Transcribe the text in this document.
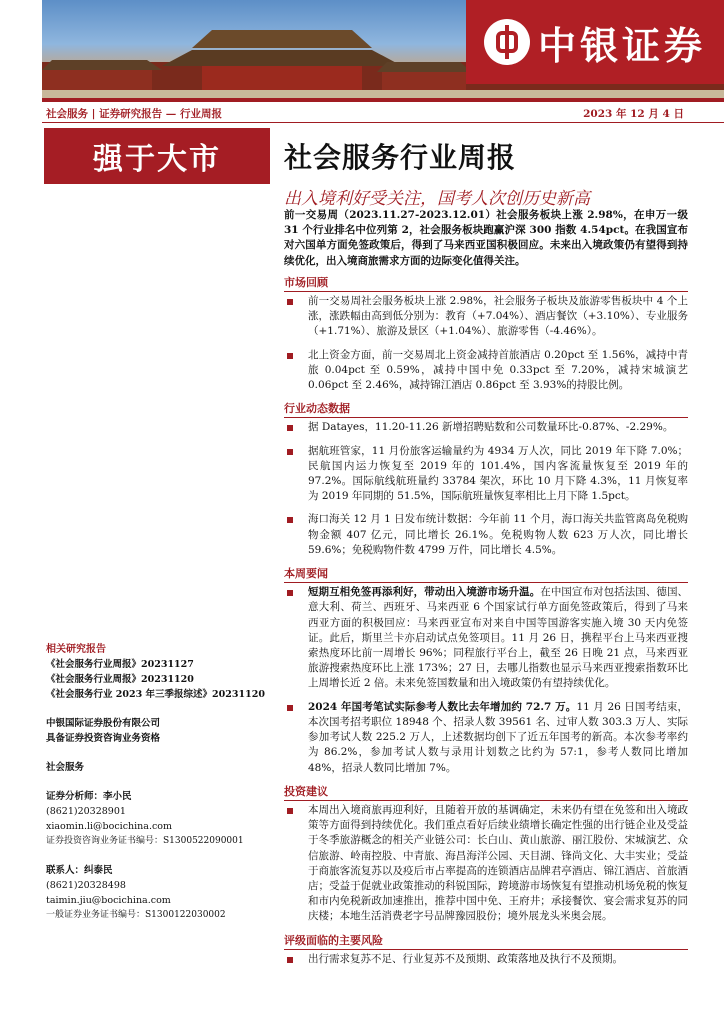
中银证券
社会服务 | 证券研究报告 — 行业周报	2023 年 12 月 4 日
强于大市	社会服务行业周报
出入境利好受关注，国考人次创历史新高

前一交易周（2023.11.27-2023.12.01）社会服务板块上涨 2.98%，在申万一级 31 个行业排名中位列第 2，社会服务板块跑赢沪深 300 指数 4.54pct。在我国宣布对六国单方面免签政策后，得到了马来西亚国积极回应。未来出入境政策仍有望得到持续优化，出入境商旅需求方面的边际变化值得关注。

市场回顾
前一交易周社会服务板块上涨 2.98%，社会服务子板块及旅游零售板块中 4 个上涨，涨跌幅由高到低分别为：教育（+7.04%）、酒店餐饮（+3.10%）、专业服务（+1.71%）、旅游及景区（+1.04%）、旅游零售（-4.46%）。
北上资金方面，前一交易周北上资金减持首旅酒店 0.20pct 至 1.56%，减持中青旅 0.04pct 至 0.59%，减持中国中免 0.33pct 至 7.20%，减持宋城演艺 0.06pct 至 2.46%，减持锦江酒店 0.86pct 至 3.93%的持股比例。
行业动态数据
据 Datayes，11.20-11.26 新增招聘贴数和公司数量环比-0.87%、-2.29%。
据航班管家，11 月份旅客运输量约为 4934 万人次，同比 2019 年下降 7.0%；民航国内运力恢复至 2019 年的 101.4%，国内客流量恢复至 2019 年的 97.2%。国际航线航班量约 33784 架次，环比 10 月下降 4.3%，11 月恢复率为 2019 年同期的 51.5%，国际航班量恢复率相比上月下降 1.5pct。
海口海关 12 月 1 日发布统计数据：今年前 11 个月，海口海关共监管离岛免税购物金额 407 亿元，同比增长 26.1%。免税购物人数 623 万人次，同比增长 59.6%；免税购物件数 4799 万件，同比增长 4.5%。
本周要闻
短期互相免签再添利好，带动出入境游市场升温。在中国宣布对包括法国、德国、意大利、荷兰、西班牙、马来西亚 6 个国家试行单方面免签政策后，得到了马来西亚方面的积极回应：马来西亚宣布对来自中国等国游客实施入境 30 天内免签证。此后，斯里兰卡亦启动试点免签项目。11 月 26 日，携程平台上马来西亚搜索热度环比前一周增长 96%；同程旅行平台上，截至 26 日晚 21 点，马来西亚旅游搜索热度环比上涨 173%；27 日，去哪儿指数也显示马来西亚搜索指数环比上周增长近 2 倍。未来免签国数量和出入境政策仍有望持续优化。
2024 年国考笔试实际参考人数比去年增加约 72.7 万。11 月 26 日国考结束，本次国考招考职位 18948 个、招录人数 39561 名、过审人数 303.3 万人、实际参加考试人数 225.2 万人，上述数据均创下了近五年国考的新高。本次参考率约为 86.2%，参加考试人数与录用计划数之比约为 57:1，参考人数同比增加 48%，招录人数同比增加 7%。
投资建议
本周出入境商旅再迎利好，且随着开放的基调确定，未来仍有望在免签和出入境政策等方面得到持续优化。我们重点看好后续业绩增长确定性强的出行链企业及受益于冬季旅游概念的相关产业链公司：长白山、黄山旅游、丽江股份、宋城演艺、众信旅游、岭南控股、中青旅、海昌海洋公园、天目湖、锋尚文化、大丰实业；受益于商旅客流复苏以及疫后市占率提高的连锁酒店品牌君亭酒店、锦江酒店、首旅酒店；受益于促就业政策推动的科锐国际，跨境游市场恢复有望推动机场免税的恢复和市内免税新政加速推出，推荐中国中免、王府井；承接餐饮、宴会需求复苏的同庆楼；本地生活消费老字号品牌豫园股份；境外展龙头米奥会展。
评级面临的主要风险
出行需求复苏不足、行业复苏不及预期、政策落地及执行不及预期。
相关研究报告
《社会服务行业周报》20231127
《社会服务行业周报》20231120
《社会服务行业 2023 年三季报综述》20231120
中银国际证券股份有限公司
具备证券投资咨询业务资格
社会服务
证券分析师：李小民
(8621)20328901
xiaomin.li@bocichina.com
证券投资咨询业务证书编号：S1300522090001
联系人：纠泰民
(8621)20328498
taimin.jiu@bocichina.com
一般证券业务证书编号：S1300122030002
